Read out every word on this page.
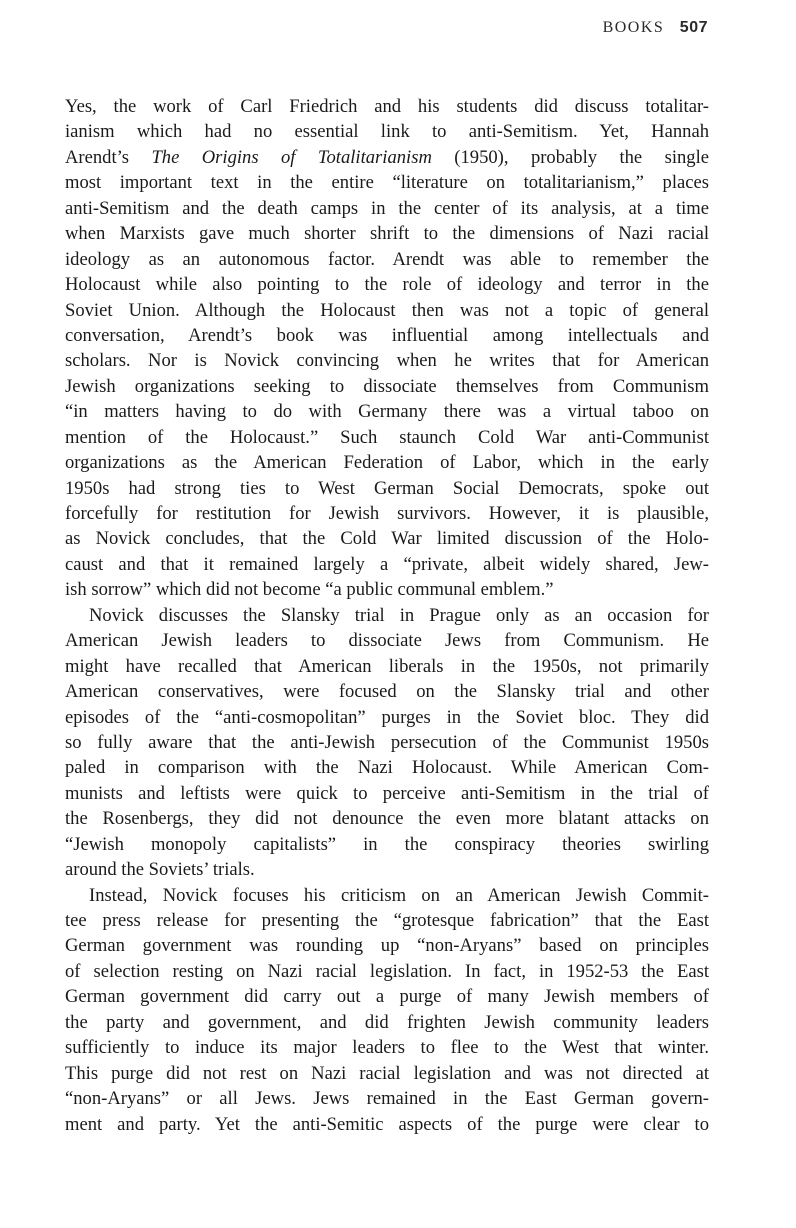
BOOKS 507
Yes, the work of Carl Friedrich and his students did discuss totalitar-
ianism which had no essential link to anti-Semitism. Yet, Hannah
Arendt’s The Origins of Totalitarianism (1950), probably the single
most important text in the entire “literature on totalitarianism,” places
anti-Semitism and the death camps in the center of its analysis, at a time
when Marxists gave much shorter shrift to the dimensions of Nazi racial
ideology as an autonomous factor. Arendt was able to remember the
Holocaust while also pointing to the role of ideology and terror in the
Soviet Union. Although the Holocaust then was not a topic of general
conversation, Arendt’s book was influential among intellectuals and
scholars. Nor is Novick convincing when he writes that for American
Jewish organizations seeking to dissociate themselves from Communism
“in matters having to do with Germany there was a virtual taboo on
mention of the Holocaust.” Such staunch Cold War anti-Communist
organizations as the American Federation of Labor, which in the early
1950s had strong ties to West German Social Democrats, spoke out
forcefully for restitution for Jewish survivors. However, it is plausible,
as Novick concludes, that the Cold War limited discussion of the Holo-
caust and that it remained largely a “private, albeit widely shared, Jew-
ish sorrow” which did not become “a public communal emblem.”
Novick discusses the Slansky trial in Prague only as an occasion for
American Jewish leaders to dissociate Jews from Communism. He
might have recalled that American liberals in the 1950s, not primarily
American conservatives, were focused on the Slansky trial and other
episodes of the “anti-cosmopolitan” purges in the Soviet bloc. They did
so fully aware that the anti-Jewish persecution of the Communist 1950s
paled in comparison with the Nazi Holocaust. While American Com-
munists and leftists were quick to perceive anti-Semitism in the trial of
the Rosenbergs, they did not denounce the even more blatant attacks on
“Jewish monopoly capitalists” in the conspiracy theories swirling
around the Soviets’ trials.
Instead, Novick focuses his criticism on an American Jewish Commit-
tee press release for presenting the “grotesque fabrication” that the East
German government was rounding up “non-Aryans” based on principles
of selection resting on Nazi racial legislation. In fact, in 1952-53 the East
German government did carry out a purge of many Jewish members of
the party and government, and did frighten Jewish community leaders
sufficiently to induce its major leaders to flee to the West that winter.
This purge did not rest on Nazi racial legislation and was not directed at
“non-Aryans” or all Jews. Jews remained in the East German govern-
ment and party. Yet the anti-Semitic aspects of the purge were clear to
